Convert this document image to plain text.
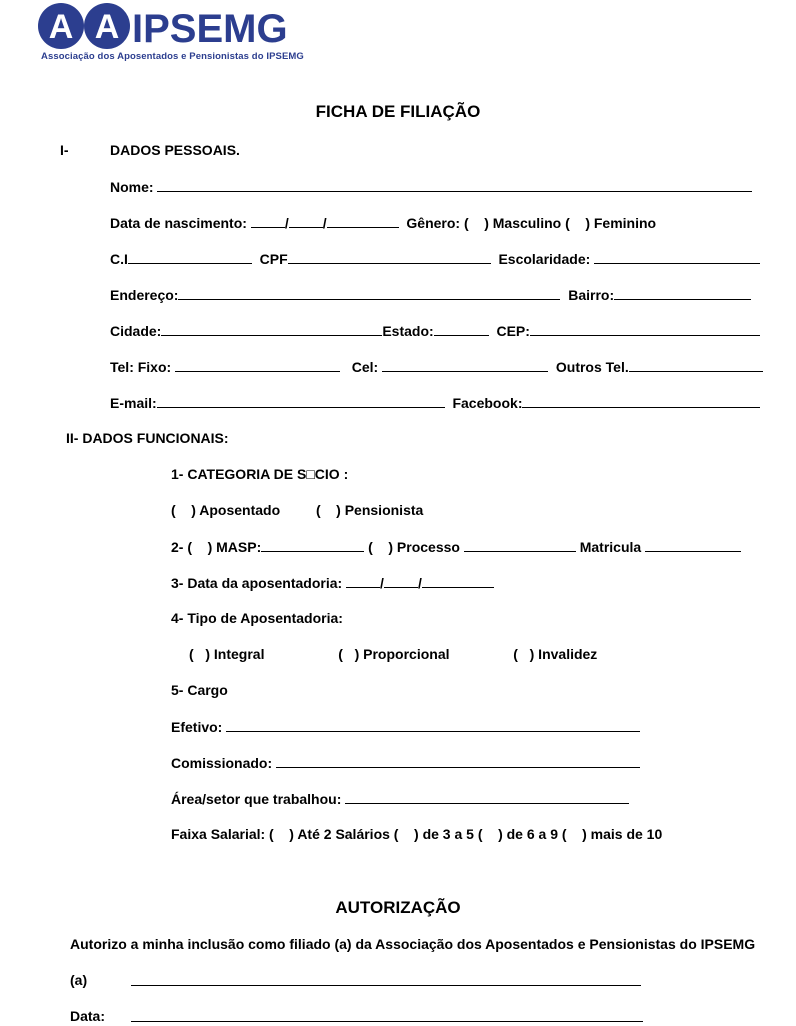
A A IPSEMG
Associação dos Aposentados e Pensionistas do IPSEMG
FICHA DE FILIAÇÃO
I-	DADOS PESSOAIS.
Nome:
Data de nascimento:	/ /	Gênero: ( ) Masculino ( ) Feminino
C.I	CPF	Escolaridade:
Endereço:	Bairro:
Cidade:	Estado:	CEP:
Tel: Fixo:	Cel:	Outros Tel.
E-mail:	Facebook:
II- DADOS FUNCIONAIS:
1- CATEGORIA DE S□CIO :
( ) Aposentado	( ) Pensionista
2- ( ) MASP:	( ) Processo	Matricula
3- Data da aposentadoria:	/ /
4- Tipo de Aposentadoria:
( ) Integral	( ) Proporcional	( ) Invalidez
5- Cargo
Efetivo:
Comissionado:
Área/setor que trabalhou:
Faixa Salarial: ( ) Até 2 Salários ( ) de 3 a 5 ( ) de 6 a 9 ( ) mais de 10
AUTORIZAÇÃO
Autorizo a minha inclusão como filiado (a) da Associação dos Aposentados e Pensionistas do IPSEMG
(a)
Data:
